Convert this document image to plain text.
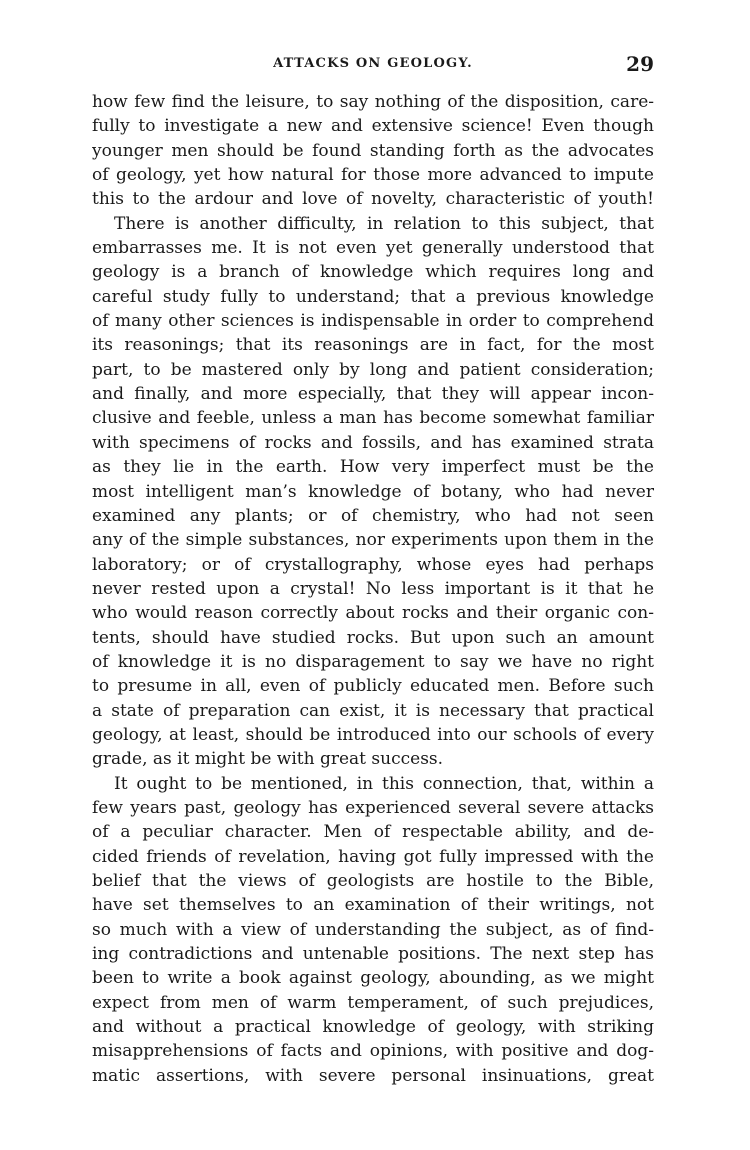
ATTACKS ON GEOLOGY.	29
how few find the leisure, to say nothing of the disposition, care-
fully to investigate a new and extensive science! Even though
younger men should be found standing forth as the advocates
of geology, yet how natural for those more advanced to impute
this to the ardour and love of novelty, characteristic of youth!
There is another difficulty, in relation to this subject, that
embarrasses me. It is not even yet generally understood that
geology is a branch of knowledge which requires long and
careful study fully to understand; that a previous knowledge
of many other sciences is indispensable in order to comprehend
its reasonings; that its reasonings are in fact, for the most
part, to be mastered only by long and patient consideration;
and finally, and more especially, that they will appear incon-
clusive and feeble, unless a man has become somewhat familiar
with specimens of rocks and fossils, and has examined strata
as they lie in the earth. How very imperfect must be the
most intelligent man’s knowledge of botany, who had never
examined any plants; or of chemistry, who had not seen
any of the simple substances, nor experiments upon them in the
laboratory; or of crystallography, whose eyes had perhaps
never rested upon a crystal! No less important is it that he
who would reason correctly about rocks and their organic con-
tents, should have studied rocks. But upon such an amount
of knowledge it is no disparagement to say we have no right
to presume in all, even of publicly educated men. Before such
a state of preparation can exist, it is necessary that practical
geology, at least, should be introduced into our schools of every
grade, as it might be with great success.
It ought to be mentioned, in this connection, that, within a
few years past, geology has experienced several severe attacks
of a peculiar character. Men of respectable ability, and de-
cided friends of revelation, having got fully impressed with the
belief that the views of geologists are hostile to the Bible,
have set themselves to an examination of their writings, not
so much with a view of understanding the subject, as of find-
ing contradictions and untenable positions. The next step has
been to write a book against geology, abounding, as we might
expect from men of warm temperament, of such prejudices,
and without a practical knowledge of geology, with striking
misapprehensions of facts and opinions, with positive and dog-
matic assertions, with severe personal insinuations, great
